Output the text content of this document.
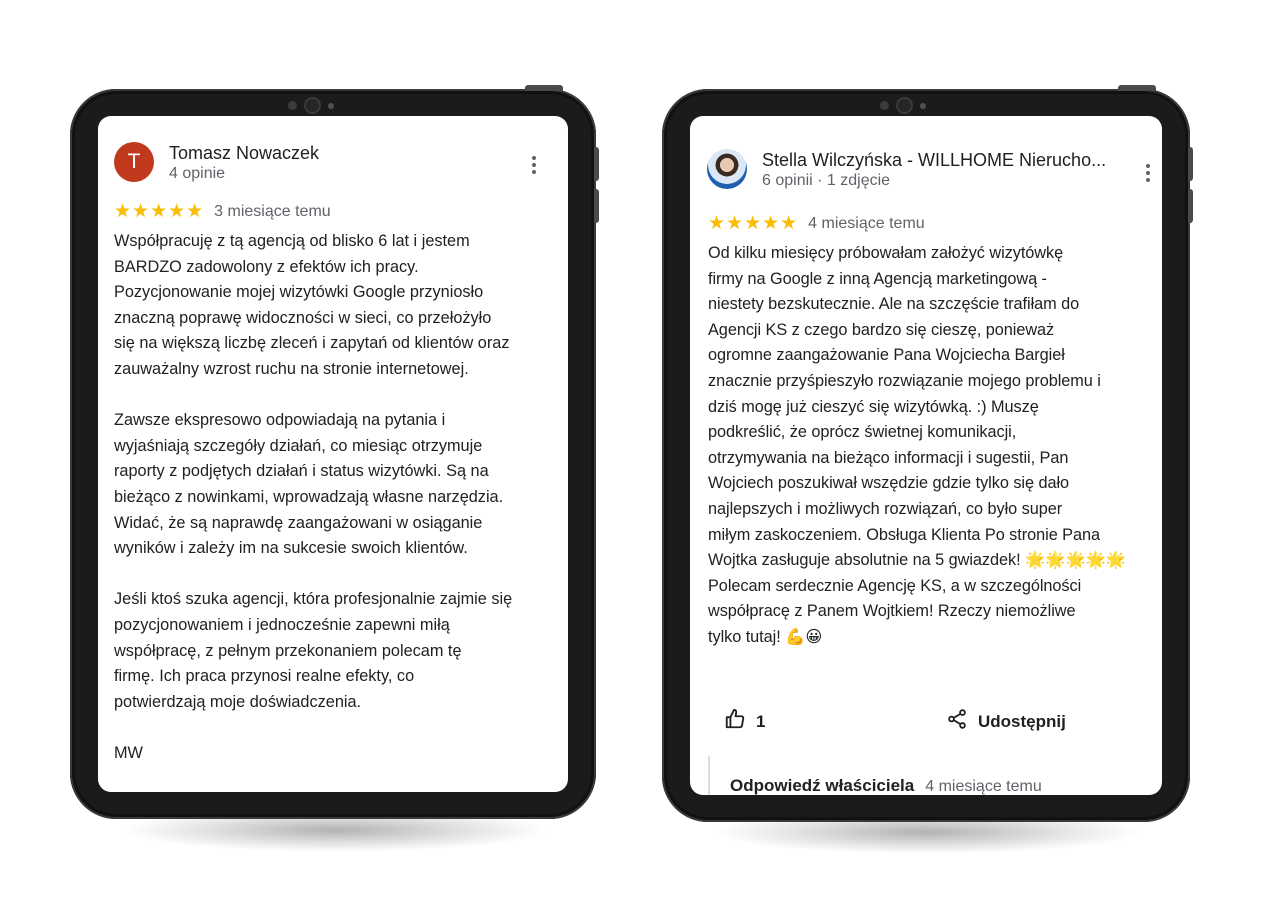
T	Tomasz Nowaczek
4 opinie
★★★★★ 3 miesiące temu
Współpracuję z tą agencją od blisko 6 lat i jestem
BARDZO zadowolony z efektów ich pracy.
Pozycjonowanie mojej wizytówki Google przyniosło
znaczną poprawę widoczności w sieci, co przełożyło
się na większą liczbę zleceń i zapytań od klientów oraz
zauważalny wzrost ruchu na stronie internetowej.

Zawsze ekspresowo odpowiadają na pytania i
wyjaśniają szczegóły działań, co miesiąc otrzymuje
raporty z podjętych działań i status wizytówki. Są na
bieżąco z nowinkami, wprowadzają własne narzędzia.
Widać, że są naprawdę zaangażowani w osiąganie
wyników i zależy im na sukcesie swoich klientów.

Jeśli ktoś szuka agencji, która profesjonalnie zajmie się
pozycjonowaniem i jednocześnie zapewni miłą
współpracę, z pełnym przekonaniem polecam tę
firmę. Ich praca przynosi realne efekty, co
potwierdzają moje doświadczenia.

MW
Stella Wilczyńska - WILLHOME Nierucho...
6 opinii · 1 zdjęcie
★★★★★ 4 miesiące temu
Od kilku miesięcy próbowałam założyć wizytówkę
firmy na Google z inną Agencją marketingową -
niestety bezskutecznie. Ale na szczęście trafiłam do
Agencji KS z czego bardzo się cieszę, ponieważ
ogromne zaangażowanie Pana Wojciecha Bargieł
znacznie przyśpieszyło rozwiązanie mojego problemu i
dziś mogę już cieszyć się wizytówką. :) Muszę
podkreślić, że oprócz świetnej komunikacji,
otrzymywania na bieżąco informacji i sugestii, Pan
Wojciech poszukiwał wszędzie gdzie tylko się dało
najlepszych i możliwych rozwiązań, co było super
miłym zaskoczeniem. Obsługa Klienta Po stronie Pana
Wojtka zasługuje absolutnie na 5 gwiazdek! 🌟🌟🌟🌟🌟
Polecam serdecznie Agencję KS, a w szczególności
współpracę z Panem Wojtkiem! Rzeczy niemożliwe
tylko tutaj! 💪😀
1	Udostępnij
Odpowiedź właściciela 4 miesiące temu
